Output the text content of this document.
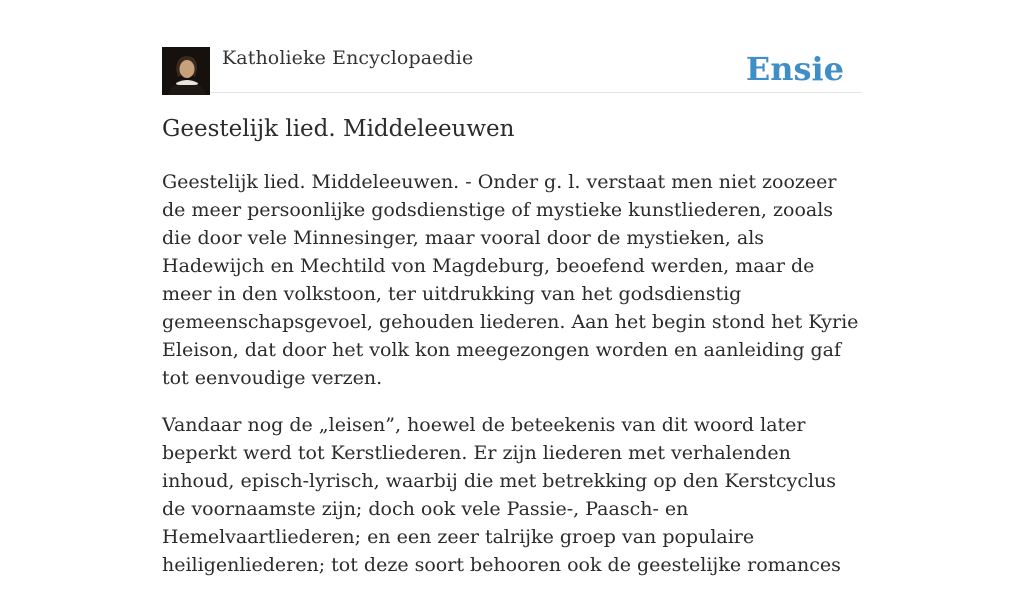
Katholieke Encyclopaedie	Ensie
Geestelijk lied. Middeleeuwen

Geestelijk lied. Middeleeuwen. - Onder g. l. verstaat men niet zoozeer de meer persoonlijke godsdienstige of mystieke kunstliederen, zooals die door vele Minnesinger, maar vooral door de mystieken, als Hadewijch en Mechtild von Magdeburg, beoefend werden, maar de meer in den volkstoon, ter uitdrukking van het godsdienstig gemeenschapsgevoel, gehouden liederen. Aan het begin stond het Kyrie Eleison, dat door het volk kon meegezongen worden en aanleiding gaf tot eenvoudige verzen.

Vandaar nog de „leisen”, hoewel de beteekenis van dit woord later beperkt werd tot Kerstliederen. Er zijn liederen met verhalenden inhoud, episch-lyrisch, waarbij die met betrekking op den Kerstcyclus de voornaamste zijn; doch ook vele Passie-, Paasch- en Hemelvaartliederen; en een zeer talrijke groep van populaire heiligenliederen; tot deze soort behooren ook de geestelijke romances
